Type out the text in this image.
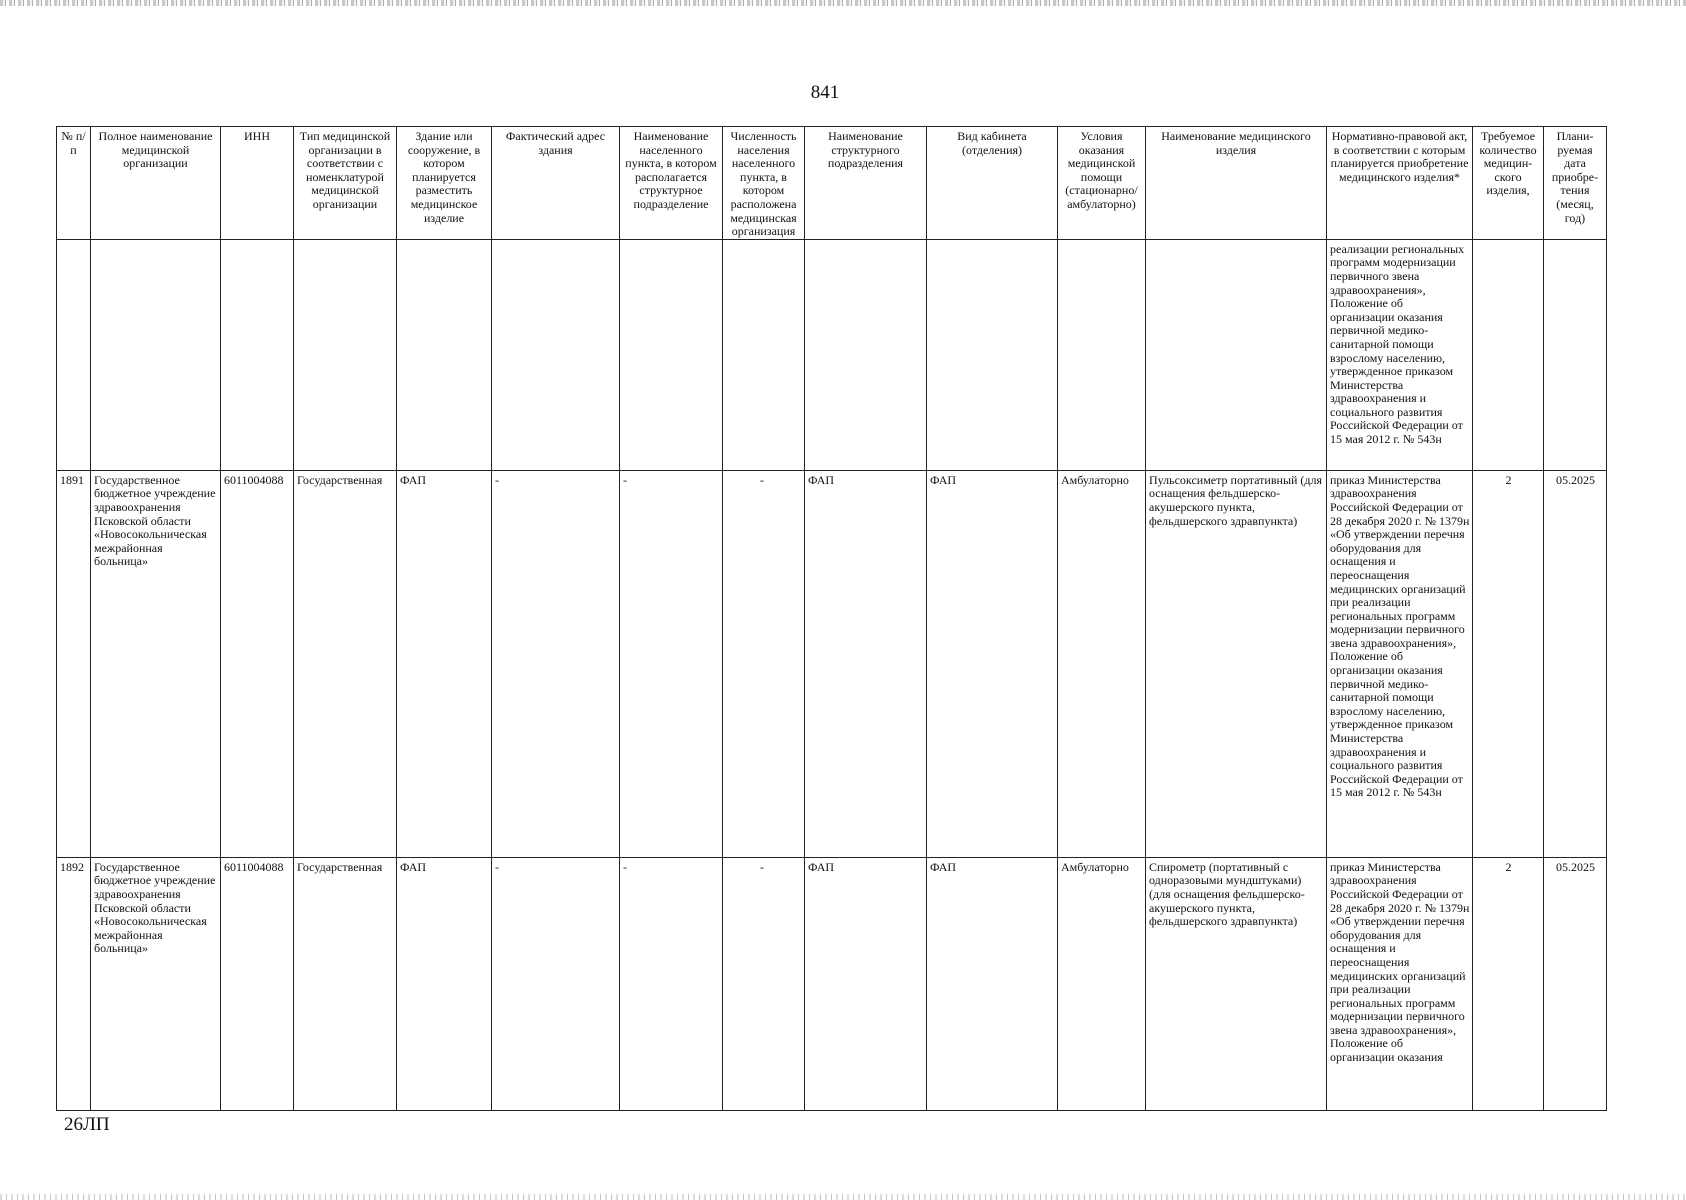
841
№ п/п	Полное наименование медицинской организации	ИНН	Тип медицинской организации в соответствии с номенклатурой медицинской организации	Здание или сооружение, в котором планируется разместить медицинское изделие	Фактический адрес здания	Наименование населенного пункта, в котором располагается структурное подразделение	Численность населения населенного пункта, в котором расположена медицинская организация	Наименование структурного подразделения	Вид кабинета (отделения)	Условия оказания медицинской помощи (стационарно/ амбулаторно)	Наименование медицинского изделия	Нормативно-правовой акт, в соответствии с которым планируется приобретение медицинского изделия*	Требуемое количество медицин-ского изделия,	Плани-руемая дата приобре-тения (месяц, год)
												реализации региональных программ модернизации первичного звена здравоохранения», Положение об организации оказания первичной медико-санитарной помощи взрослому населению, утвержденное приказом Министерства здравоохранения и социального развития Российской Федерации от 15 мая 2012 г. № 543н		
1891	Государственное бюджетное учреждение здравоохранения Псковской области «Новосокольническая межрайонная больница»	6011004088	Государственная	ФАП	-	-	-	ФАП	ФАП	Амбулаторно	Пульсоксиметр портативный (для оснащения фельдшерско-акушерского пункта, фельдшерского здравпункта)	приказ Министерства здравоохранения Российской Федерации от 28 декабря 2020 г. № 1379н «Об утверждении перечня оборудования для оснащения и переоснащения медицинских организаций при реализации региональных программ модернизации первичного звена здравоохранения», Положение об организации оказания первичной медико-санитарной помощи взрослому населению, утвержденное приказом Министерства здравоохранения и социального развития Российской Федерации от 15 мая 2012 г. № 543н	2	05.2025
1892	Государственное бюджетное учреждение здравоохранения Псковской области «Новосокольническая межрайонная больница»	6011004088	Государственная	ФАП	-	-	-	ФАП	ФАП	Амбулаторно	Спирометр (портативный с одноразовыми мундштуками) (для оснащения фельдшерско-акушерского пункта, фельдшерского здравпункта)	приказ Министерства здравоохранения Российской Федерации от 28 декабря 2020 г. № 1379н «Об утверждении перечня оборудования для оснащения и переоснащения медицинских организаций при реализации региональных программ модернизации первичного звена здравоохранения», Положение об организации оказания	2	05.2025
26ЛП
